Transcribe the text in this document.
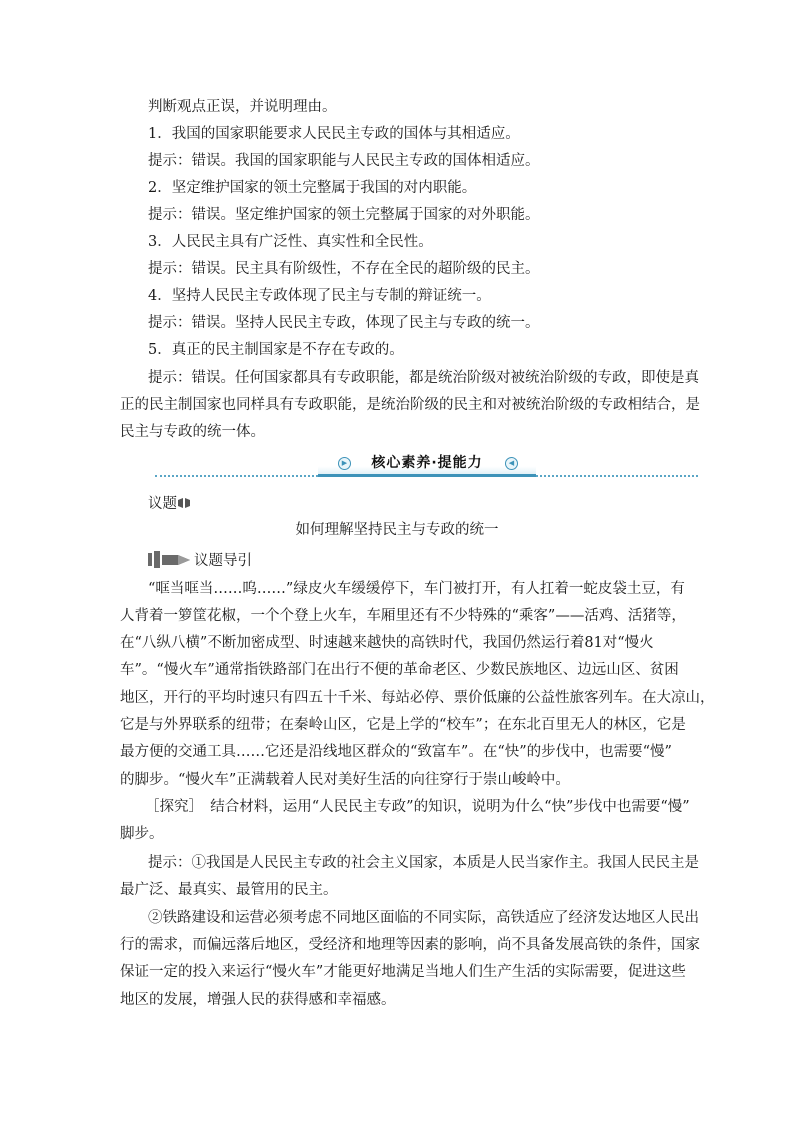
判断观点正误，并说明理由。
1．我国的国家职能要求人民民主专政的国体与其相适应。
提示：错误。我国的国家职能与人民民主专政的国体相适应。
2．坚定维护国家的领土完整属于我国的对内职能。
提示：错误。坚定维护国家的领土完整属于国家的对外职能。
3．人民民主具有广泛性、真实性和全民性。
提示：错误。民主具有阶级性，不存在全民的超阶级的民主。
4．坚持人民民主专政体现了民主与专制的辩证统一。
提示：错误。坚持人民民主专政，体现了民主与专政的统一。
5．真正的民主制国家是不存在专政的。
提示：错误。任何国家都具有专政职能，都是统治阶级对被统治阶级的专政，即使是真
正的民主制国家也同样具有专政职能，是统治阶级的民主和对被统治阶级的专政相结合，是
民主与专政的统一体。
▶	核心素养·提能力	◀
议题
如何理解坚持民主与专政的统一
议题导引
“哐当哐当……呜……”绿皮火车缓缓停下，车门被打开，有人扛着一蛇皮袋土豆，有
人背着一箩筐花椒，一个个登上火车，车厢里还有不少特殊的“乘客”——活鸡、活猪等，
在“八纵八横”不断加密成型、时速越来越快的高铁时代，我国仍然运行着81对“慢火
车”。“慢火车”通常指铁路部门在出行不便的革命老区、少数民族地区、边远山区、贫困
地区，开行的平均时速只有四五十千米、每站必停、票价低廉的公益性旅客列车。在大凉山，
它是与外界联系的纽带；在秦岭山区，它是上学的“校车”；在东北百里无人的林区，它是
最方便的交通工具……它还是沿线地区群众的“致富车”。在“快”的步伐中，也需要“慢”
的脚步。“慢火车”正满载着人民对美好生活的向往穿行于崇山峻岭中。
［探究］　结合材料，运用“人民民主专政”的知识，说明为什么“快”步伐中也需要“慢”
脚步。
提示：①我国是人民民主专政的社会主义国家，本质是人民当家作主。我国人民民主是
最广泛、最真实、最管用的民主。
②铁路建设和运营必须考虑不同地区面临的不同实际，高铁适应了经济发达地区人民出
行的需求，而偏远落后地区，受经济和地理等因素的影响，尚不具备发展高铁的条件，国家
保证一定的投入来运行“慢火车”才能更好地满足当地人们生产生活的实际需要，促进这些
地区的发展，增强人民的获得感和幸福感。
